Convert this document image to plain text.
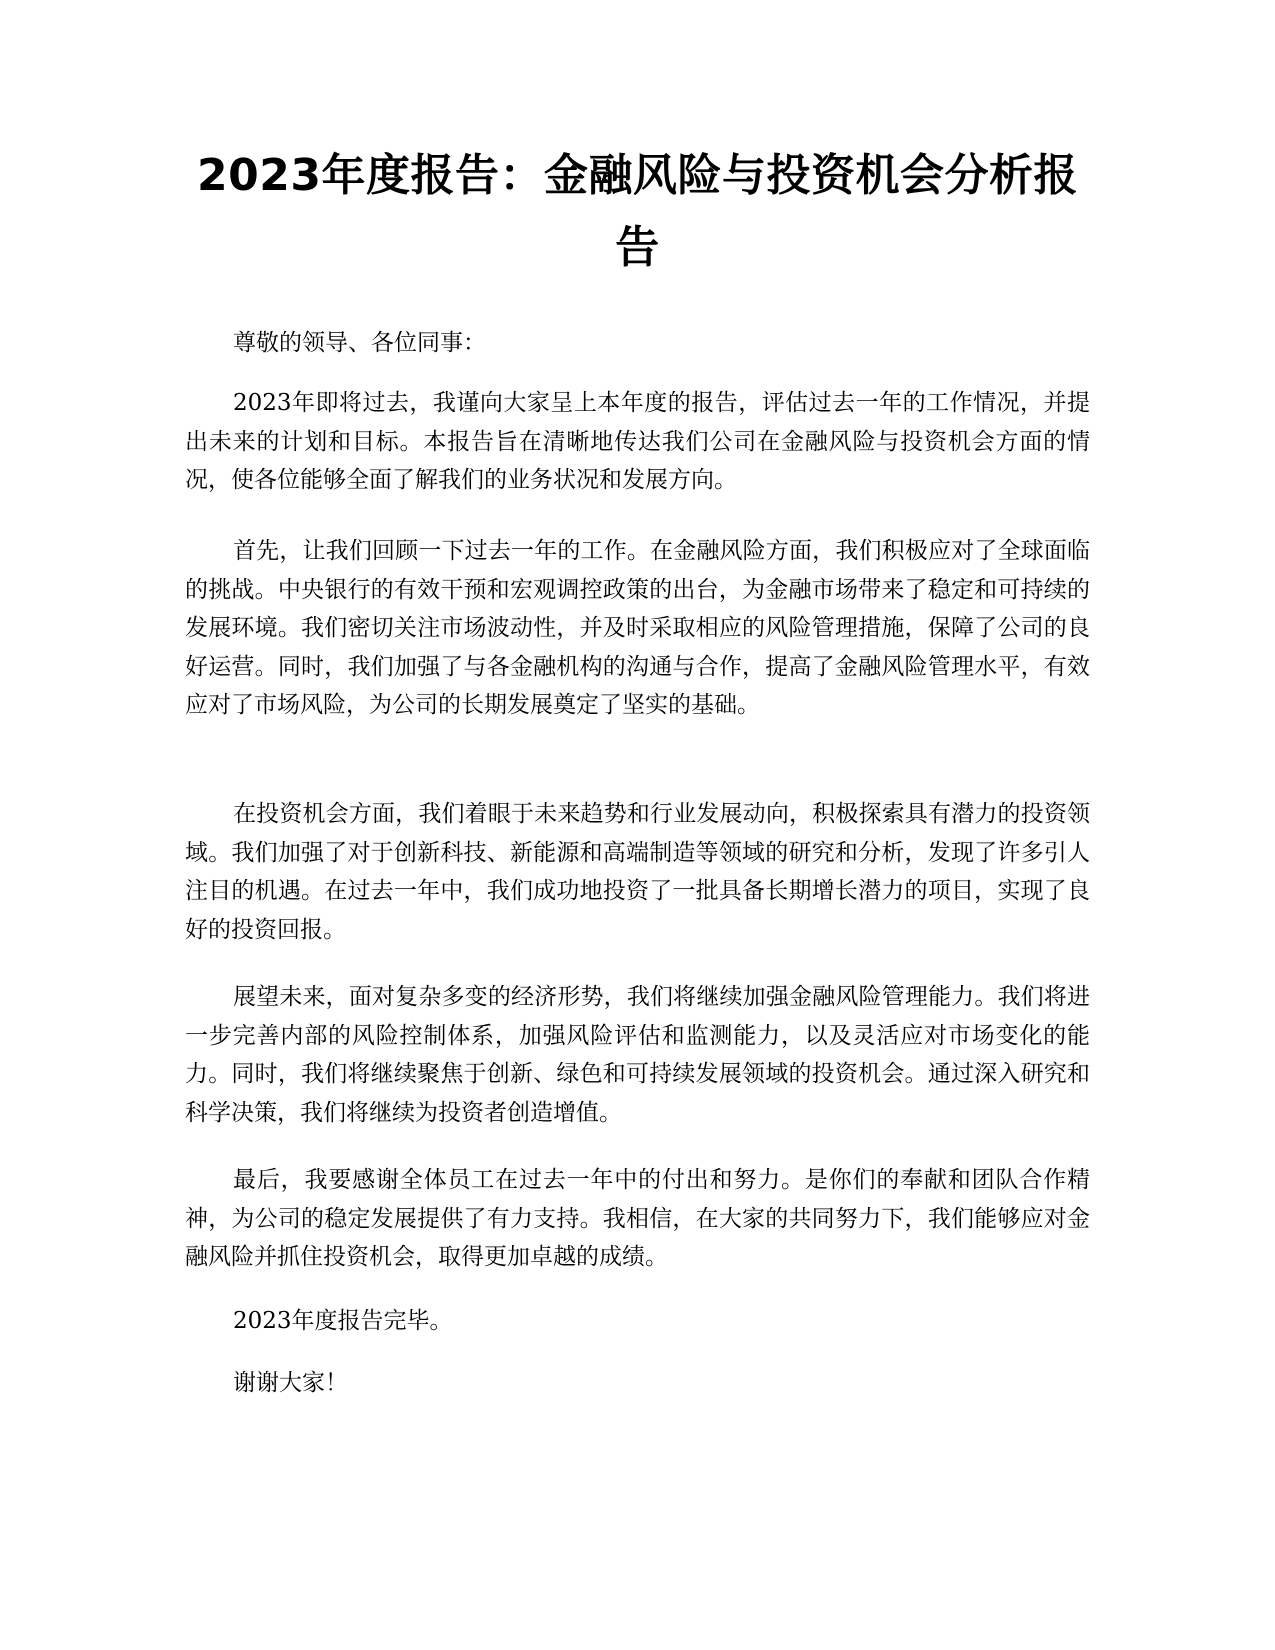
2023年度报告：金融风险与投资机会分析报告

尊敬的领导、各位同事：

2023年即将过去，我谨向大家呈上本年度的报告，评估过去一年的工作情况，并提出未来的计划和目标。本报告旨在清晰地传达我们公司在金融风险与投资机会方面的情况，使各位能够全面了解我们的业务状况和发展方向。

首先，让我们回顾一下过去一年的工作。在金融风险方面，我们积极应对了全球面临的挑战。中央银行的有效干预和宏观调控政策的出台，为金融市场带来了稳定和可持续的发展环境。我们密切关注市场波动性，并及时采取相应的风险管理措施，保障了公司的良好运营。同时，我们加强了与各金融机构的沟通与合作，提高了金融风险管理水平，有效应对了市场风险，为公司的长期发展奠定了坚实的基础。

在投资机会方面，我们着眼于未来趋势和行业发展动向，积极探索具有潜力的投资领域。我们加强了对于创新科技、新能源和高端制造等领域的研究和分析，发现了许多引人注目的机遇。在过去一年中，我们成功地投资了一批具备长期增长潜力的项目，实现了良好的投资回报。

展望未来，面对复杂多变的经济形势，我们将继续加强金融风险管理能力。我们将进一步完善内部的风险控制体系，加强风险评估和监测能力，以及灵活应对市场变化的能力。同时，我们将继续聚焦于创新、绿色和可持续发展领域的投资机会。通过深入研究和科学决策，我们将继续为投资者创造增值。

最后，我要感谢全体员工在过去一年中的付出和努力。是你们的奉献和团队合作精神，为公司的稳定发展提供了有力支持。我相信，在大家的共同努力下，我们能够应对金融风险并抓住投资机会，取得更加卓越的成绩。

2023年度报告完毕。

谢谢大家！
